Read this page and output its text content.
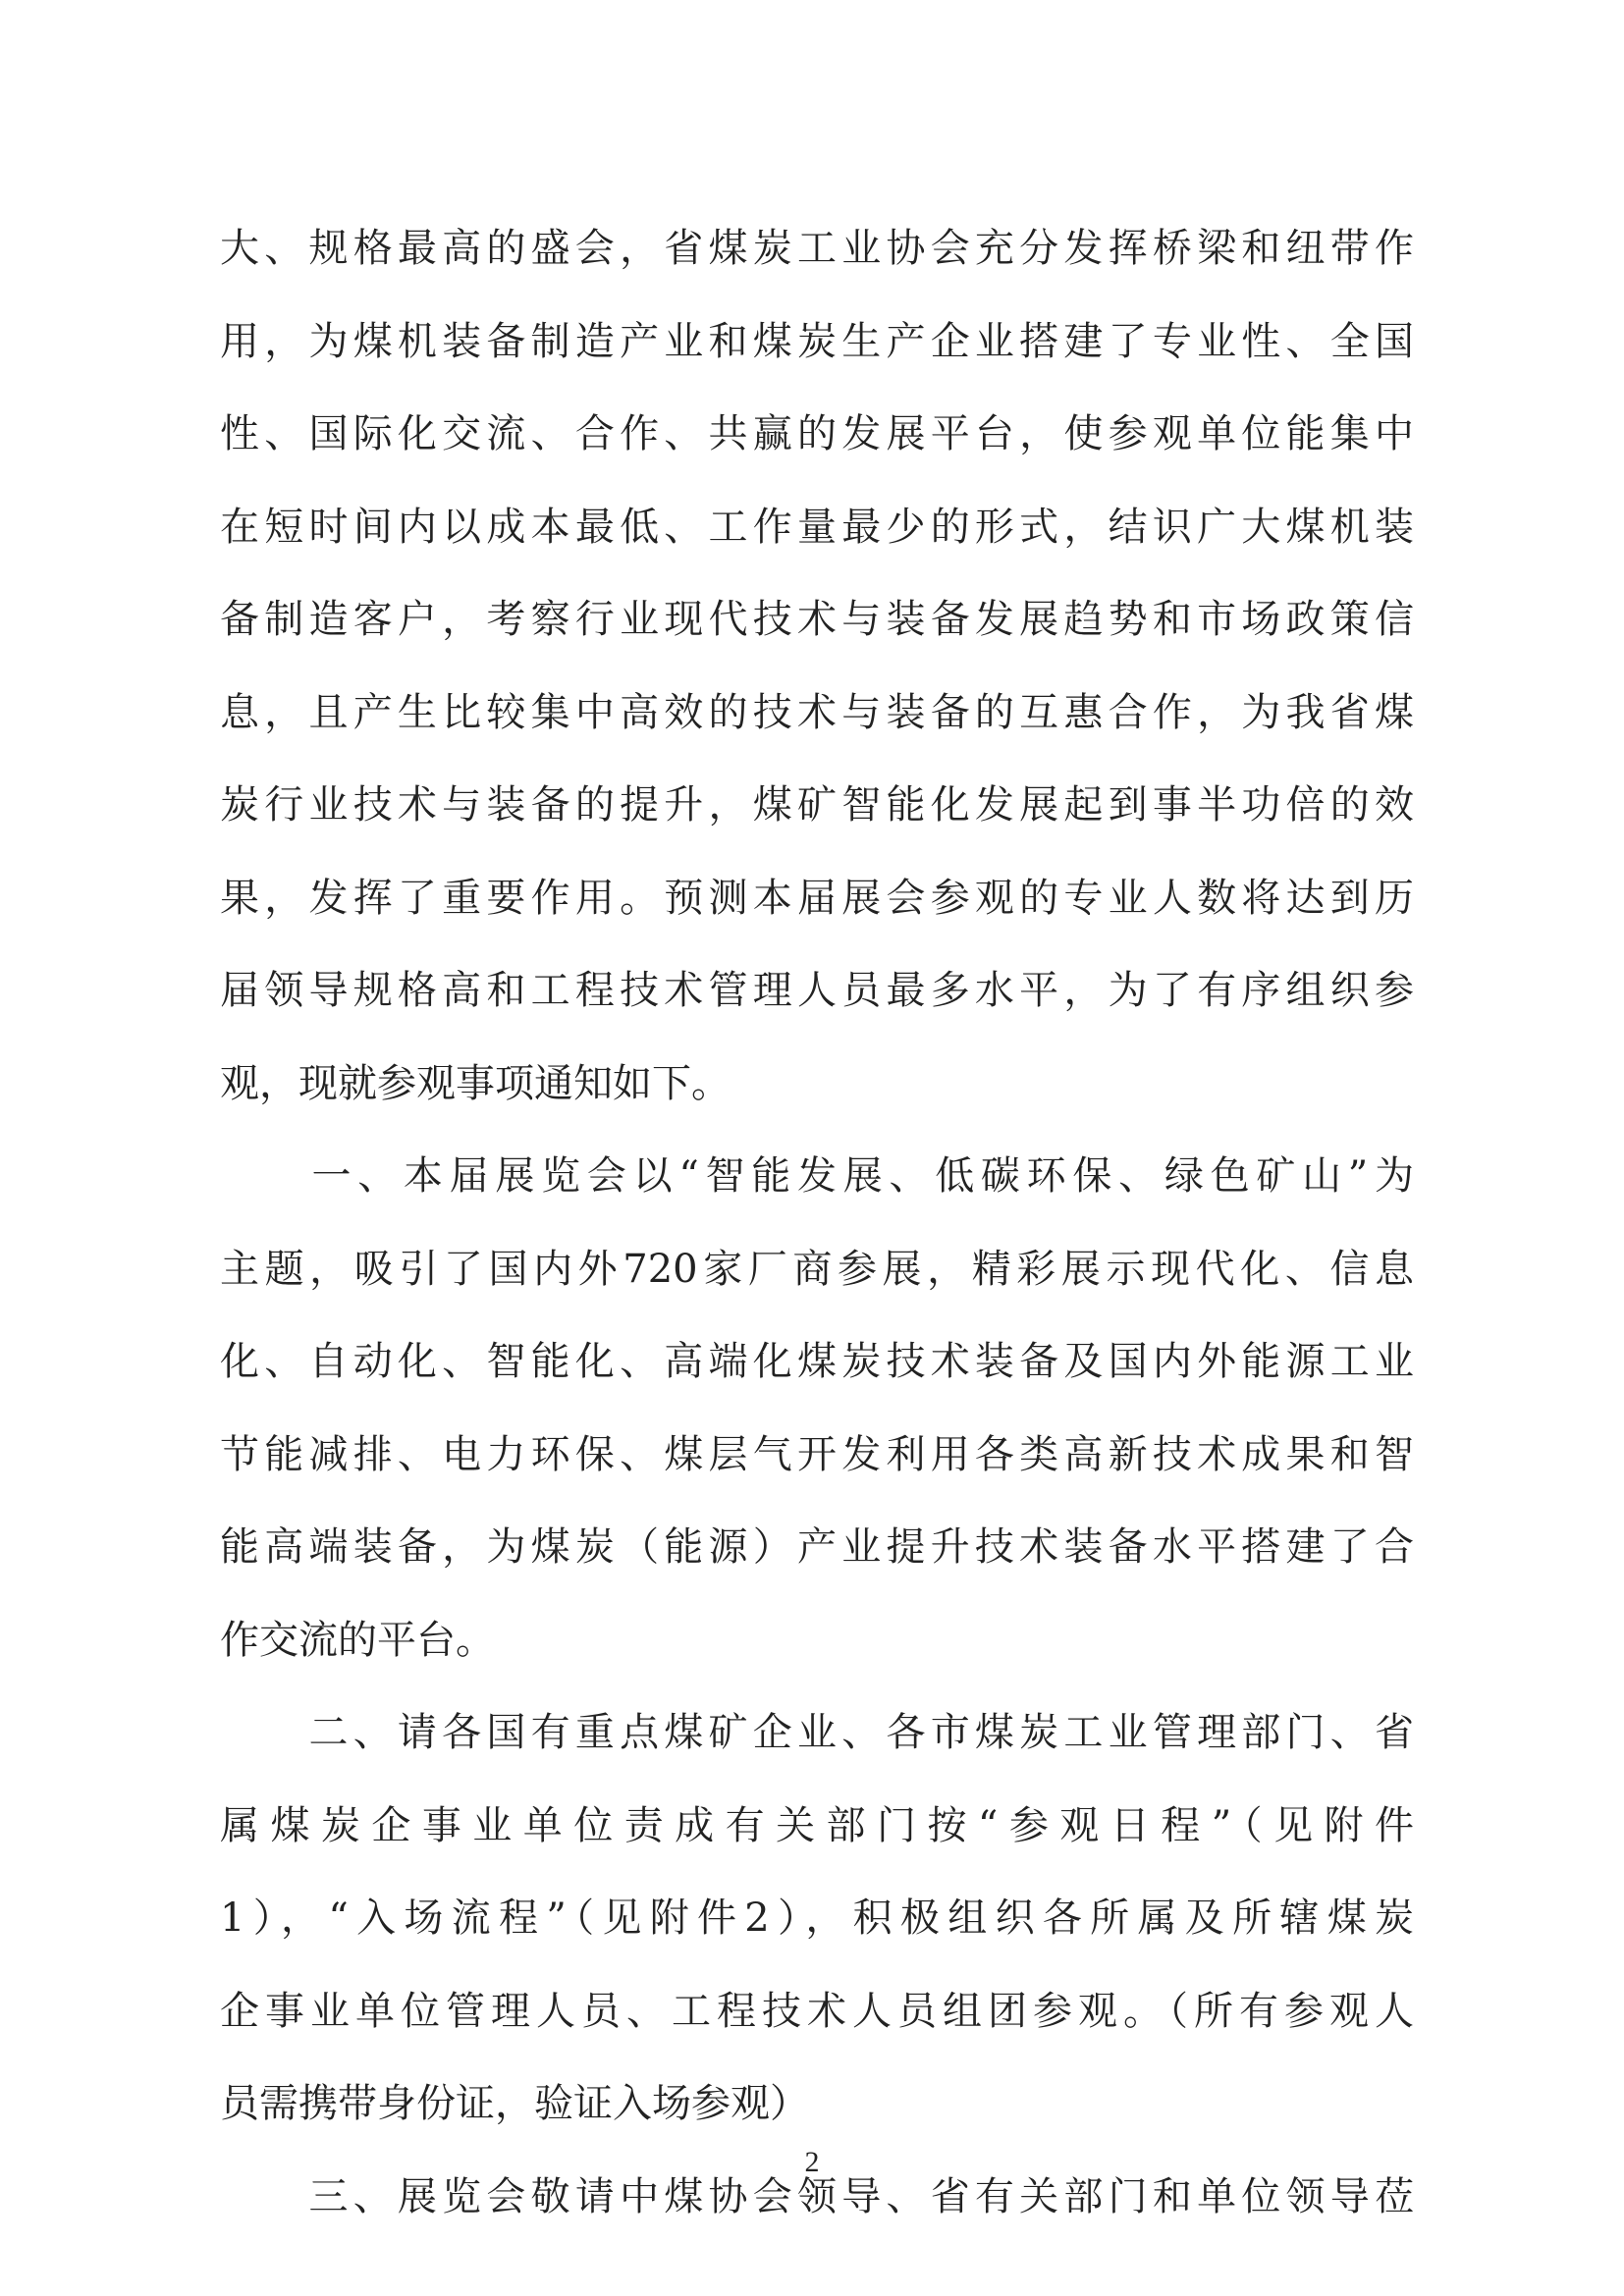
大、规格最高的盛会，省煤炭工业协会充分发挥桥梁和纽带作
用，为煤机装备制造产业和煤炭生产企业搭建了专业性、全国
性、国际化交流、合作、共赢的发展平台，使参观单位能集中
在短时间内以成本最低、工作量最少的形式，结识广大煤机装
备制造客户，考察行业现代技术与装备发展趋势和市场政策信
息，且产生比较集中高效的技术与装备的互惠合作，为我省煤
炭行业技术与装备的提升，煤矿智能化发展起到事半功倍的效
果，发挥了重要作用。预测本届展会参观的专业人数将达到历
届领导规格高和工程技术管理人员最多水平，为了有序组织参
观，现就参观事项通知如下。
　　一、本届展览会以“智能发展、低碳环保、绿色矿山”为
主题，吸引了国内外720家厂商参展，精彩展示现代化、信息
化、自动化、智能化、高端化煤炭技术装备及国内外能源工业
节能减排、电力环保、煤层气开发利用各类高新技术成果和智
能高端装备，为煤炭（能源）产业提升技术装备水平搭建了合
作交流的平台。
　　二、请各国有重点煤矿企业、各市煤炭工业管理部门、省
属煤炭企事业单位责成有关部门按“参观日程”（见附件
1），“入场流程”（见附件2），积极组织各所属及所辖煤炭
企事业单位管理人员、工程技术人员组团参观。（所有参观人
员需携带身份证，验证入场参观）
　　三、展览会敬请中煤协会领导、省有关部门和单位领导莅
2
